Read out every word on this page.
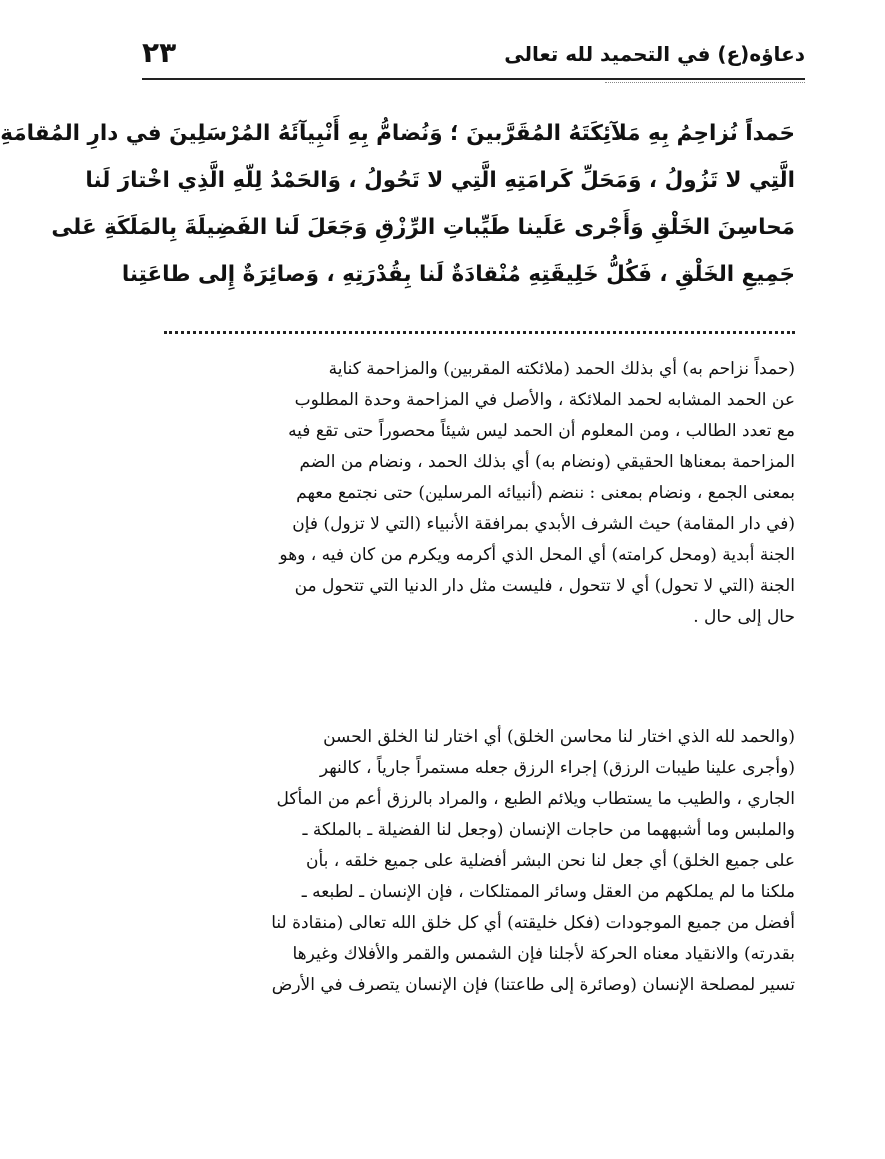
دعاؤه(ع) في التحميد لله تعالى
٢٣
حَمداً نُزاحِمُ بِهِ مَلآئِكَتَهُ المُقَرَّبينَ ؛ وَنُضامُّ بِهِ أَنْبِيآئَهُ المُرْسَلِينَ في دارِ المُقامَةِ
الَّتِي لا تَزُولُ ، وَمَحَلِّ كَرامَتِهِ الَّتِي لا تَحُولُ ، وَالحَمْدُ لِلّهِ الَّذِي اخْتارَ لَنا
مَحاسِنَ الخَلْقِ وَأَجْرى عَلَينا طَيِّباتِ الرِّزْقِ وَجَعَلَ لَنا الفَضِيلَةَ بِالمَلَكَةِ عَلى
جَمِيعِ الخَلْقِ ، فَكُلُّ خَلِيقَتِهِ مُنْقادَةٌ لَنا بِقُدْرَتِهِ ، وَصائِرَةٌ إِلى طاعَتِنا
(حمداً نزاحم به) أي بذلك الحمد (ملائكته المقربين) والمزاحمة كناية
عن الحمد المشابه لحمد الملائكة ، والأصل في المزاحمة وحدة المطلوب
مع تعدد الطالب ، ومن المعلوم أن الحمد ليس شيئاً محصوراً حتى تقع فيه
المزاحمة بمعناها الحقيقي (ونضام به) أي بذلك الحمد ، ونضام من الضم
بمعنى الجمع ، ونضام بمعنى : ننضم (أنبيائه المرسلين) حتى نجتمع معهم
(في دار المقامة) حيث الشرف الأبدي بمرافقة الأنبياء (التي لا تزول) فإن
الجنة أبدية (ومحل كرامته) أي المحل الذي أكرمه ويكرم من كان فيه ، وهو
الجنة (التي لا تحول) أي لا تتحول ، فليست مثل دار الدنيا التي تتحول من
حال إلى حال .
(والحمد لله الذي اختار لنا محاسن الخلق) أي اختار لنا الخلق الحسن
(وأجرى علينا طيبات الرزق) إجراء الرزق جعله مستمراً جارياً ، كالنهر
الجاري ، والطيب ما يستطاب ويلائم الطبع ، والمراد بالرزق أعم من المأكل
والملبس وما أشبههما من حاجات الإنسان (وجعل لنا الفضيلة ـ بالملكة ـ
على جميع الخلق) أي جعل لنا نحن البشر أفضلية على جميع خلقه ، بأن
ملكنا ما لم يملكهم من العقل وسائر الممتلكات ، فإن الإنسان ـ لطبعه ـ
أفضل من جميع الموجودات (فكل خليقته) أي كل خلق الله تعالى (منقادة لنا
بقدرته) والانقياد معناه الحركة لأجلنا فإن الشمس والقمر والأفلاك وغيرها
تسير لمصلحة الإنسان (وصائرة إلى طاعتنا) فإن الإنسان يتصرف في الأرض
